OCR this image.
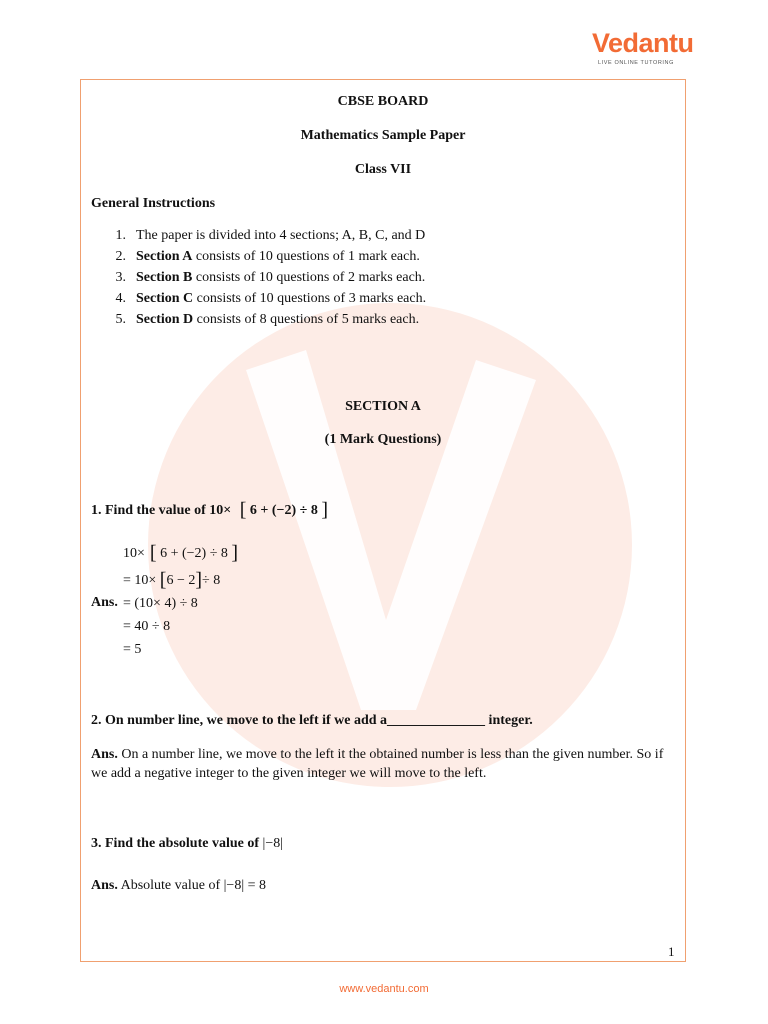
Vedantu
LIVE ONLINE TUTORING
CBSE BOARD
Mathematics Sample Paper
Class VII
General Instructions
1. The paper is divided into 4 sections; A, B, C, and D
2. Section A consists of 10 questions of 1 mark each.
3. Section B consists of 10 questions of 2 marks each.
4. Section C consists of 10 questions of 3 marks each.
5. Section D consists of 8 questions of 5 marks each.
SECTION A
(1 Mark Questions)
1. Find the value of 10×  [ 6 + (−2) ÷ 8 ]
Ans.
10× [ 6 + (−2) ÷ 8 ]
= 10× [6 − 2]÷ 8
= (10× 4) ÷ 8
= 40 ÷ 8
= 5
2. On number line, we move to the left if we add a______________ integer.
Ans. On a number line, we move to the left it the obtained number is less than the given number. So if we add a negative integer to the given integer we will move to the left.
3. Find the absolute value of |−8|
Ans. Absolute value of |−8| = 8
1
www.vedantu.com
